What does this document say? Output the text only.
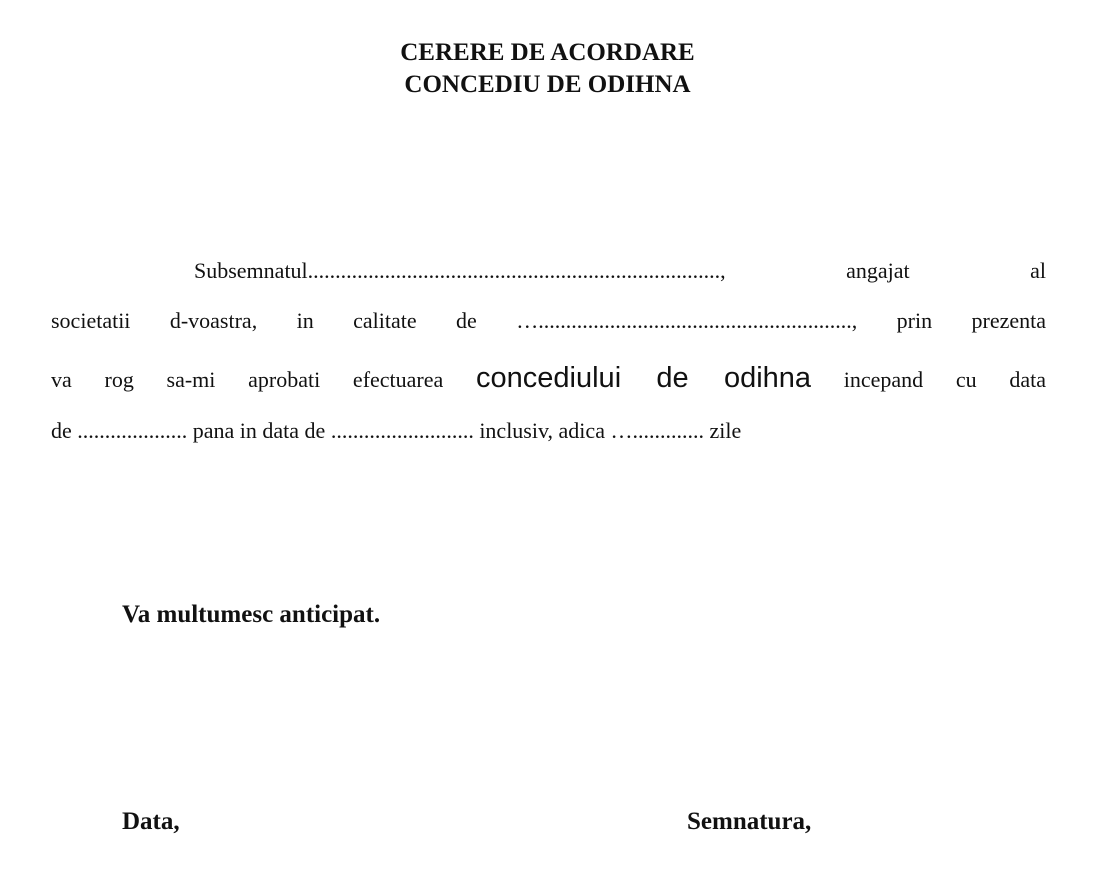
CERERE DE ACORDARE
CONCEDIU DE ODIHNA

Subsemnatul..........................................................................., angajat al

societatii d-voastra, in calitate de …........................................................., prin prezenta

va rog sa-mi aprobati efectuarea concediului de odihna incepand cu data

de .................... pana in data de .......................... inclusiv, adica …............. zile

Va multumesc anticipat.

Data,	Semnatura,
